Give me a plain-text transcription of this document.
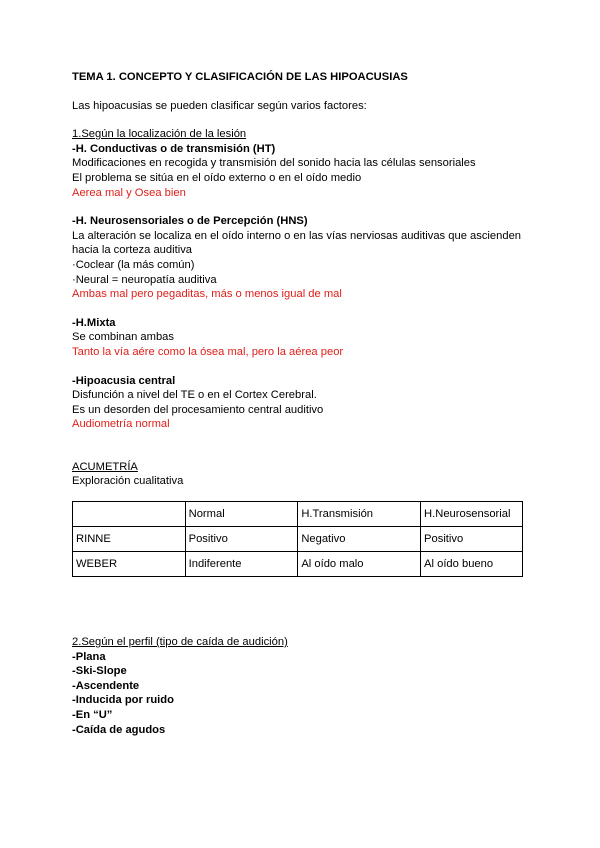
TEMA 1. CONCEPTO Y CLASIFICACIÓN DE LAS HIPOACUSIAS
Las hipoacusias se pueden clasificar según varios factores:
1.Según la localización de la lesión
-H. Conductivas o de transmisión (HT)
Modificaciones en recogida y transmisión del sonido hacia las células sensoriales
El problema se sitúa en el oído externo o en el oído medio
Aerea mal y Osea bien
-H. Neurosensoriales o de Percepción (HNS)
La alteración se localiza en el oído interno o en las vías nerviosas auditivas que ascienden
hacia la corteza auditiva
·Coclear (la más común)
·Neural = neuropatía auditiva
Ambas mal pero pegaditas, más o menos igual de mal
-H.Mixta
Se combinan ambas
Tanto la vía aére como la ósea mal, pero la aérea peor
-Hipoacusia central
Disfunción a nivel del TE o en el Cortex Cerebral.
Es un desorden del procesamiento central auditivo
Audiometría normal
ACUMETRÍA
Exploración cualitativa
	Normal	H.Transmisión	H.Neurosensorial
RINNE	Positivo	Negativo	Positivo
WEBER	Indiferente	Al oído malo	Al oído bueno
2.Según el perfil (tipo de caída de audición)
-Plana
-Ski-Slope
-Ascendente
-Inducida por ruido
-En “U”
-Caída de agudos
